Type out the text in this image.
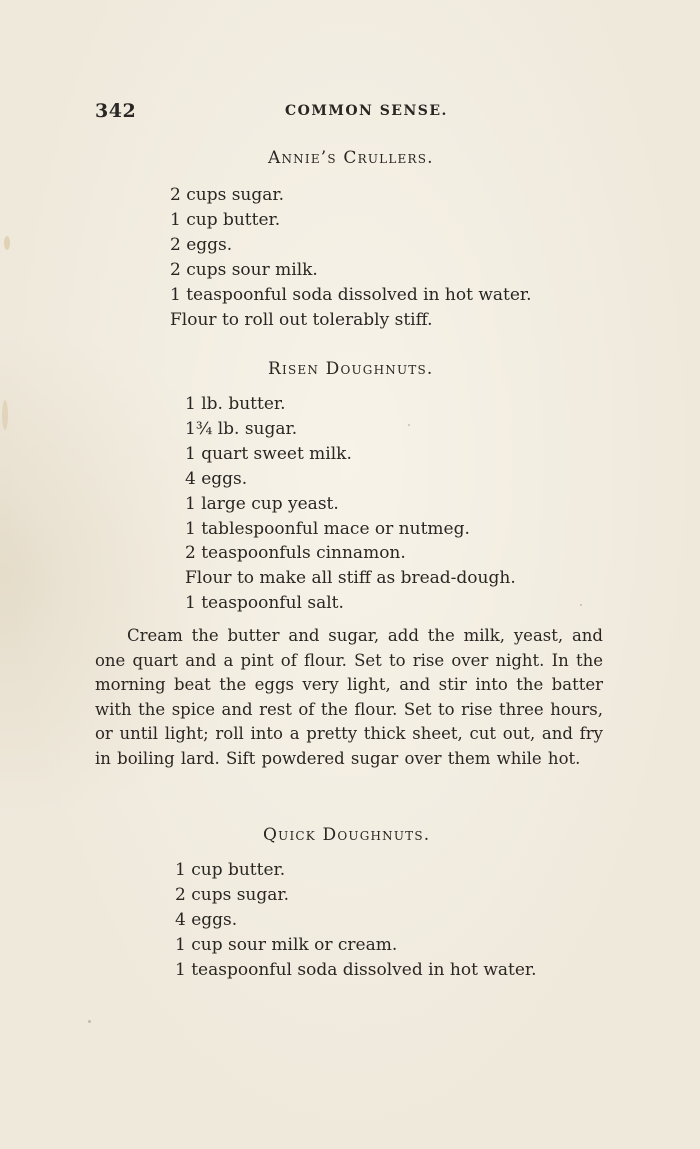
342	COMMON SENSE.
Annie’s Crullers.
2 cups sugar.
1 cup butter.
2 eggs.
2 cups sour milk.
1 teaspoonful soda dissolved in hot water.
Flour to roll out tolerably stiff.
Risen Doughnuts.
1 lb. butter.
1¾ lb. sugar.
1 quart sweet milk.
4 eggs.
1 large cup yeast.
1 tablespoonful mace or nutmeg.
2 teaspoonfuls cinnamon.
Flour to make all stiff as bread-dough.
1 teaspoonful salt.

Cream the butter and sugar, add the milk, yeast, and one quart and a pint of flour. Set to rise over night. In the morning beat the eggs very light, and stir into the batter with the spice and rest of the flour. Set to rise three hours, or until light; roll into a pretty thick sheet, cut out, and fry in boiling lard. Sift powdered sugar over them while hot.

Quick Doughnuts.
1 cup butter.
2 cups sugar.
4 eggs.
1 cup sour milk or cream.
1 teaspoonful soda dissolved in hot water.
